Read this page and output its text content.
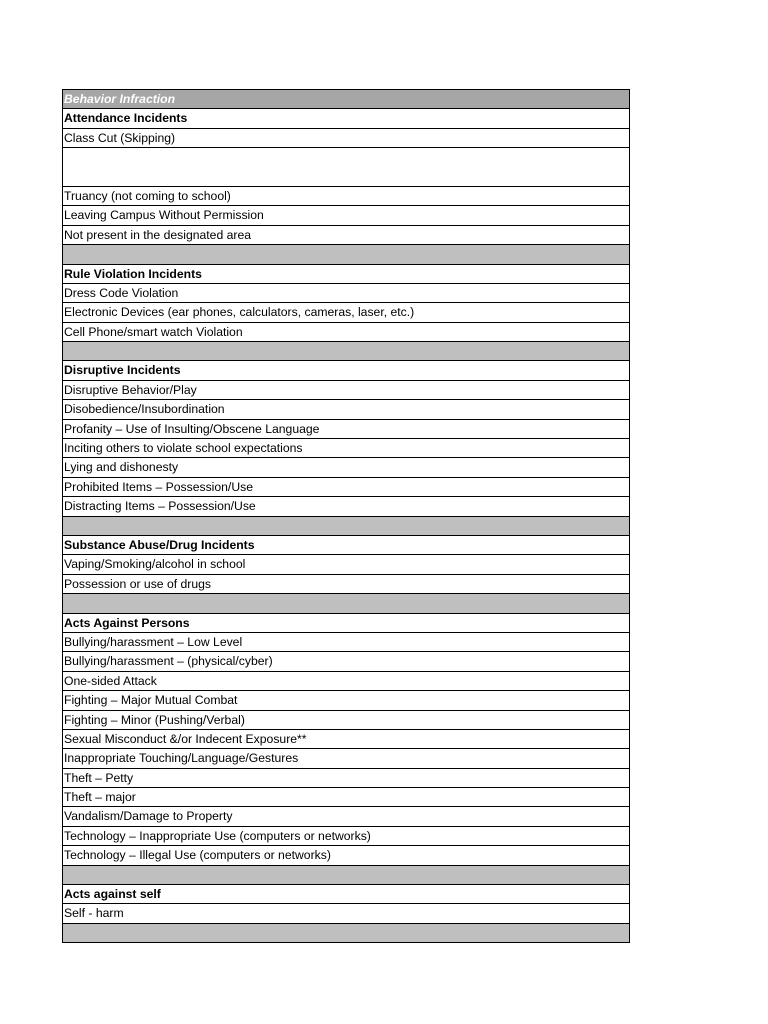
Behavior Infraction
Attendance Incidents
Class Cut (Skipping)
Truancy (not coming to school)
Leaving Campus Without Permission
Not present in the designated area
Rule Violation Incidents
Dress Code Violation
Electronic Devices (ear phones, calculators, cameras, laser, etc.)
Cell Phone/smart watch Violation
Disruptive Incidents
Disruptive Behavior/Play
Disobedience/Insubordination
Profanity – Use of Insulting/Obscene Language
Inciting others to violate school expectations
Lying and dishonesty
Prohibited Items – Possession/Use
Distracting Items – Possession/Use
Substance Abuse/Drug Incidents
Vaping/Smoking/alcohol in school
Possession or use of drugs
Acts Against Persons
Bullying/harassment – Low Level
Bullying/harassment – (physical/cyber)
One-sided Attack
Fighting – Major Mutual Combat
Fighting – Minor (Pushing/Verbal)
Sexual Misconduct &/or Indecent Exposure**
Inappropriate Touching/Language/Gestures
Theft – Petty
Theft – major
Vandalism/Damage to Property
Technology – Inappropriate Use (computers or networks)
Technology – Illegal Use (computers or networks)
Acts against self
Self - harm
